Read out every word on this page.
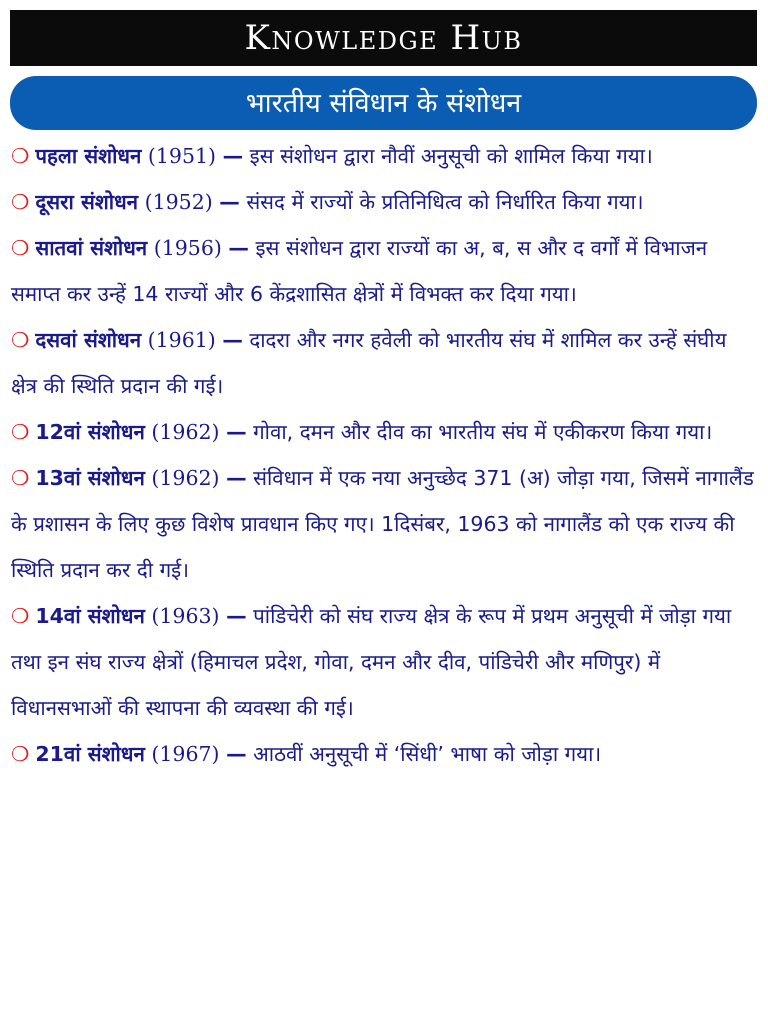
Knowledge Hub
भारतीय संविधान के संशोधन

❍ पहला संशोधन (1951) — इस संशोधन द्वारा नौवीं अनुसूची को शामिल किया गया।

❍ दूसरा संशोधन (1952) — संसद में राज्यों के प्रतिनिधित्व को निर्धारित किया गया।

❍ सातवां संशोधन (1956) — इस संशोधन द्वारा राज्यों का अ, ब, स और द वर्गों में विभाजन समाप्त कर उन्हें 14 राज्यों और 6 केंद्रशासित क्षेत्रों में विभक्त कर दिया गया।

❍ दसवां संशोधन (1961) — दादरा और नगर हवेली को भारतीय संघ में शामिल कर उन्हें संघीय क्षेत्र की स्थिति प्रदान की गई।

❍ 12वां संशोधन (1962) — गोवा, दमन और दीव का भारतीय संघ में एकीकरण किया गया।

❍ 13वां संशोधन (1962) — संविधान में एक नया अनुच्छेद 371 (अ) जोड़ा गया, जिसमें नागालैंड के प्रशासन के लिए कुछ विशेष प्रावधान किए गए। 1दिसंबर, 1963 को नागालैंड को एक राज्य की स्थिति प्रदान कर दी गई।

❍ 14वां संशोधन (1963) — पांडिचेरी को संघ राज्य क्षेत्र के रूप में प्रथम अनुसूची में जोड़ा गया तथा इन संघ राज्य क्षेत्रों (हिमाचल प्रदेश, गोवा, दमन और दीव, पांडिचेरी और मणिपुर) में विधानसभाओं की स्थापना की व्यवस्था की गई।

❍ 21वां संशोधन (1967) — आठवीं अनुसूची में ‘सिंधी’ भाषा को जोड़ा गया।
